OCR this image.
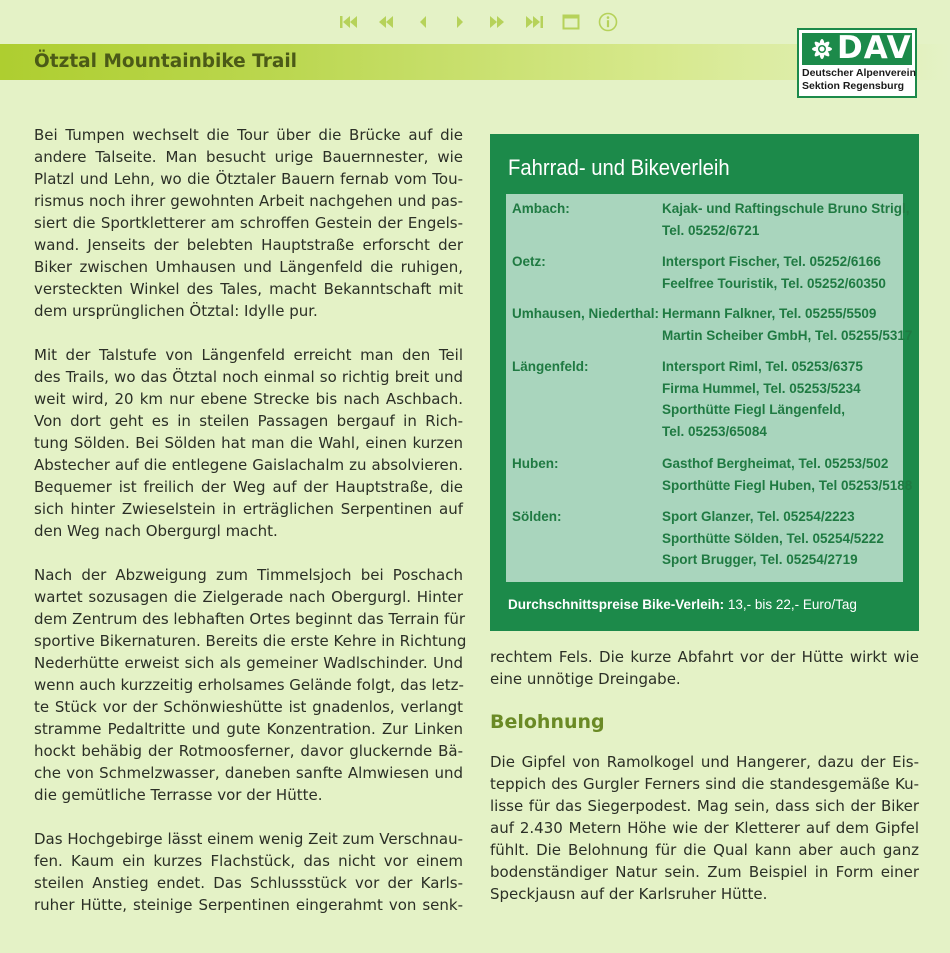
Ötztal Mountainbike Trail	DAV
Deutscher Alpenverein
Sektion Regensburg

Bei Tumpen wechselt die Tour über die Brücke auf die
andere Talseite. Man besucht urige Bauernnester, wie
Platzl und Lehn, wo die Ötztaler Bauern fernab vom Tou-
rismus noch ihrer gewohnten Arbeit nachgehen und pas-
siert die Sportkletterer am schroffen Gestein der Engels-
wand. Jenseits der belebten Hauptstraße erforscht der
Biker zwischen Umhausen und Längenfeld die ruhigen,
versteckten Winkel des Tales, macht Bekanntschaft mit
dem ursprünglichen Ötztal: Idylle pur.

Mit der Talstufe von Längenfeld erreicht man den Teil
des Trails, wo das Ötztal noch einmal so richtig breit und
weit wird, 20 km nur ebene Strecke bis nach Aschbach.
Von dort geht es in steilen Passagen bergauf in Rich-
tung Sölden. Bei Sölden hat man die Wahl, einen kurzen
Abstecher auf die entlegene Gaislachalm zu absolvieren.
Bequemer ist freilich der Weg auf der Hauptstraße, die
sich hinter Zwieselstein in erträglichen Serpentinen auf
den Weg nach Obergurgl macht.

Nach der Abzweigung zum Timmelsjoch bei Poschach
wartet sozusagen die Zielgerade nach Obergurgl. Hinter
dem Zentrum des lebhaften Ortes beginnt das Terrain für
sportive Bikernaturen. Bereits die erste Kehre in Richtung
Nederhütte erweist sich als gemeiner Wadlschinder. Und
wenn auch kurzzeitig erholsames Gelände folgt, das letz-
te Stück vor der Schönwieshütte ist gnadenlos, verlangt
stramme Pedaltritte und gute Konzentration. Zur Linken
hockt behäbig der Rotmoosferner, davor gluckernde Bä-
che von Schmelzwasser, daneben sanfte Almwiesen und
die gemütliche Terrasse vor der Hütte.

Das Hochgebirge lässt einem wenig Zeit zum Verschnau-
fen. Kaum ein kurzes Flachstück, das nicht vor einem
steilen Anstieg endet. Das Schlussstück vor der Karls-
ruher Hütte, steinige Serpentinen eingerahmt von senk-

Fahrrad- und Bikeverleih
Ambach:	Kajak- und Raftingschule Bruno Strigl,
Tel. 05252/6721
Oetz:	Intersport Fischer, Tel. 05252/6166
Feelfree Touristik, Tel. 05252/60350
Umhausen, Niederthal: Hermann Falkner, Tel. 05255/5509
Martin Scheiber GmbH, Tel. 05255/5317
Längenfeld:	Intersport Riml, Tel. 05253/6375
Firma Hummel, Tel. 05253/5234
Sporthütte Fiegl Längenfeld,
Tel. 05253/65084
Huben:	Gasthof Bergheimat, Tel. 05253/502
Sporthütte Fiegl Huben, Tel 05253/5188
Sölden:	Sport Glanzer, Tel. 05254/2223
Sporthütte Sölden, Tel. 05254/5222
Sport Brugger, Tel. 05254/2719
Durchschnittspreise Bike-Verleih: 13,- bis 22,- Euro/Tag

rechtem Fels. Die kurze Abfahrt vor der Hütte wirkt wie
eine unnötige Dreingabe.

Belohnung

Die Gipfel von Ramolkogel und Hangerer, dazu der Eis-
teppich des Gurgler Ferners sind die standesgemäße Ku-
lisse für das Siegerpodest. Mag sein, dass sich der Biker
auf 2.430 Metern Höhe wie der Kletterer auf dem Gipfel
fühlt. Die Belohnung für die Qual kann aber auch ganz
bodenständiger Natur sein. Zum Beispiel in Form einer
Speckjausn auf der Karlsruher Hütte.
